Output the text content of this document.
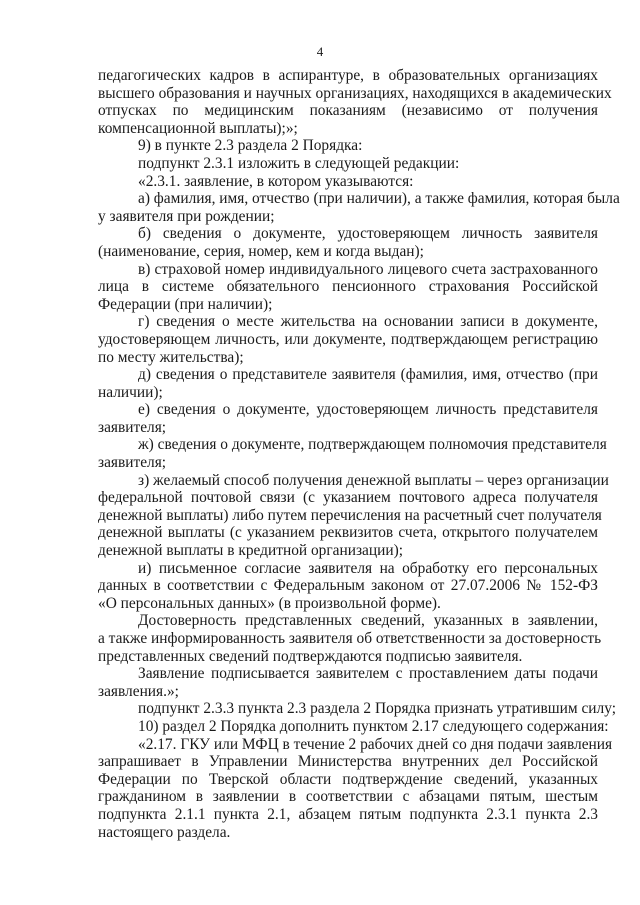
4
педагогических кадров в аспирантуре, в образовательных организациях
высшего образования и научных организациях, находящихся в академических
отпусках по медицинским показаниям (независимо от получения
компенсационной выплаты);»;
9) в пункте 2.3 раздела 2 Порядка:
подпункт 2.3.1 изложить в следующей редакции:
«2.3.1. заявление, в котором указываются:
а) фамилия, имя, отчество (при наличии), а также фамилия, которая была
у заявителя при рождении;
б) сведения о документе, удостоверяющем личность заявителя
(наименование, серия, номер, кем и когда выдан);
в) страховой номер индивидуального лицевого счета застрахованного
лица в системе обязательного пенсионного страхования Российской
Федерации (при наличии);
г) сведения о месте жительства на основании записи в документе,
удостоверяющем личность, или документе, подтверждающем регистрацию
по месту жительства);
д) сведения о представителе заявителя (фамилия, имя, отчество (при
наличии);
е) сведения о документе, удостоверяющем личность представителя
заявителя;
ж) сведения о документе, подтверждающем полномочия представителя
заявителя;
з) желаемый способ получения денежной выплаты – через организации
федеральной почтовой связи (с указанием почтового адреса получателя
денежной выплаты) либо путем перечисления на расчетный счет получателя
денежной выплаты (с указанием реквизитов счета, открытого получателем
денежной выплаты в кредитной организации);
и) письменное согласие заявителя на обработку его персональных
данных в соответствии с Федеральным законом от 27.07.2006 № 152-ФЗ
«О персональных данных» (в произвольной форме).
Достоверность представленных сведений, указанных в заявлении,
а также информированность заявителя об ответственности за достоверность
представленных сведений подтверждаются подписью заявителя.
Заявление подписывается заявителем с проставлением даты подачи
заявления.»;
подпункт 2.3.3 пункта 2.3 раздела 2 Порядка признать утратившим силу;
10) раздел 2 Порядка дополнить пунктом 2.17 следующего содержания:
«2.17. ГКУ или МФЦ в течение 2 рабочих дней со дня подачи заявления
запрашивает в Управлении Министерства внутренних дел Российской
Федерации по Тверской области подтверждение сведений, указанных
гражданином в заявлении в соответствии с абзацами пятым, шестым
подпункта 2.1.1 пункта 2.1, абзацем пятым подпункта 2.3.1 пункта 2.3
настоящего раздела.
